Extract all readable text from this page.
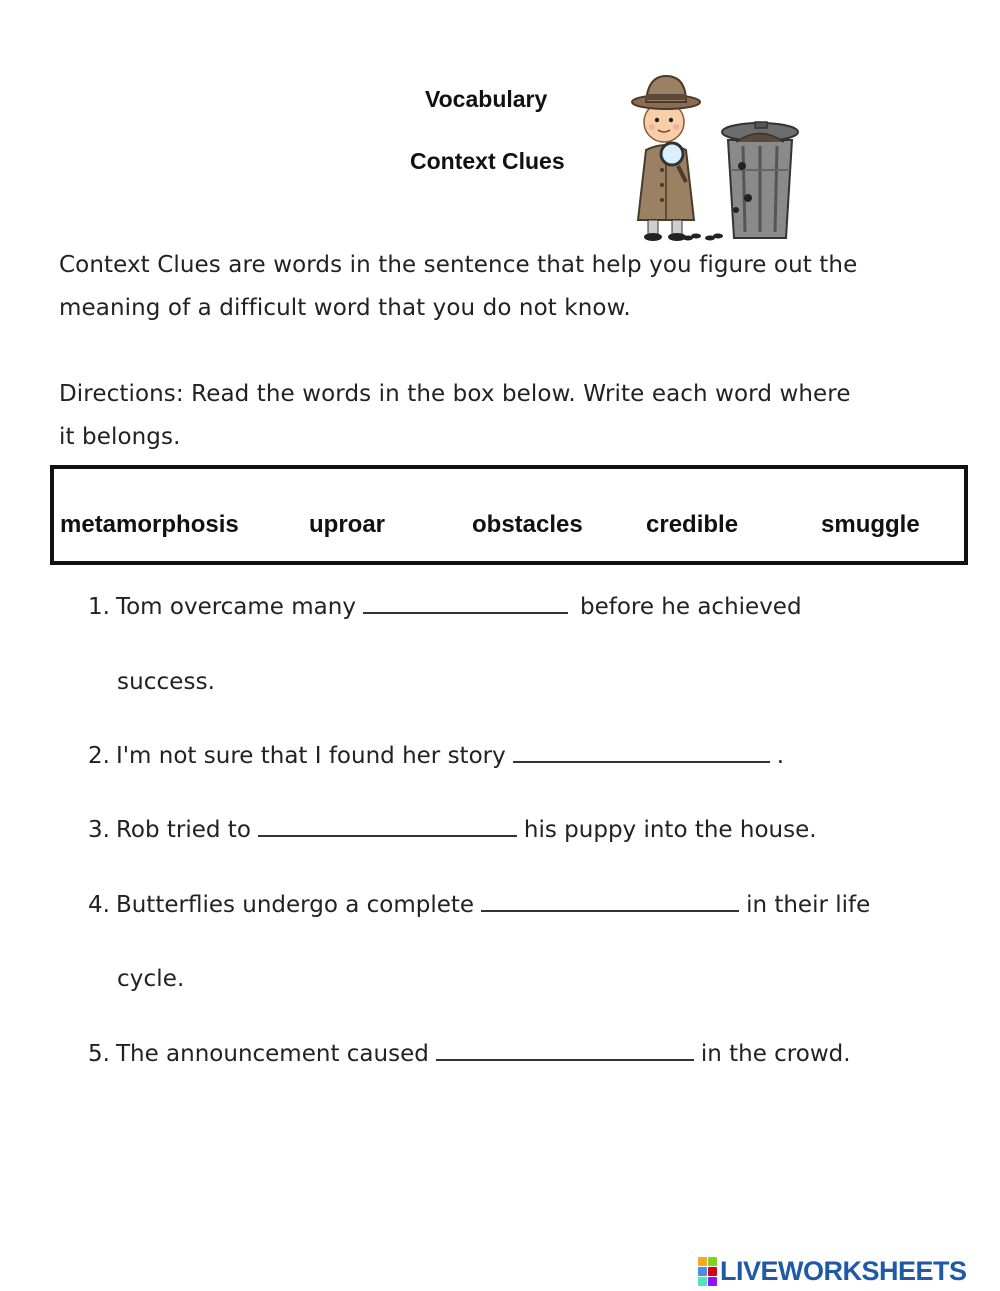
Vocabulary
Context Clues
Context Clues are words in the sentence that help you figure out the
meaning of a difficult word that you do not know.
Directions: Read the words in the box below. Write each word where
it belongs.
metamorphosis	uproar	obstacles	credible	smuggle
1. Tom overcame many	before he achieved
success.
2. I'm not sure that I found her story	.
3. Rob tried to	his puppy into the house.
4. Butterflies undergo a complete	in their life
cycle.
5. The announcement caused	in the crowd.
LIVEWORKSHEETS
